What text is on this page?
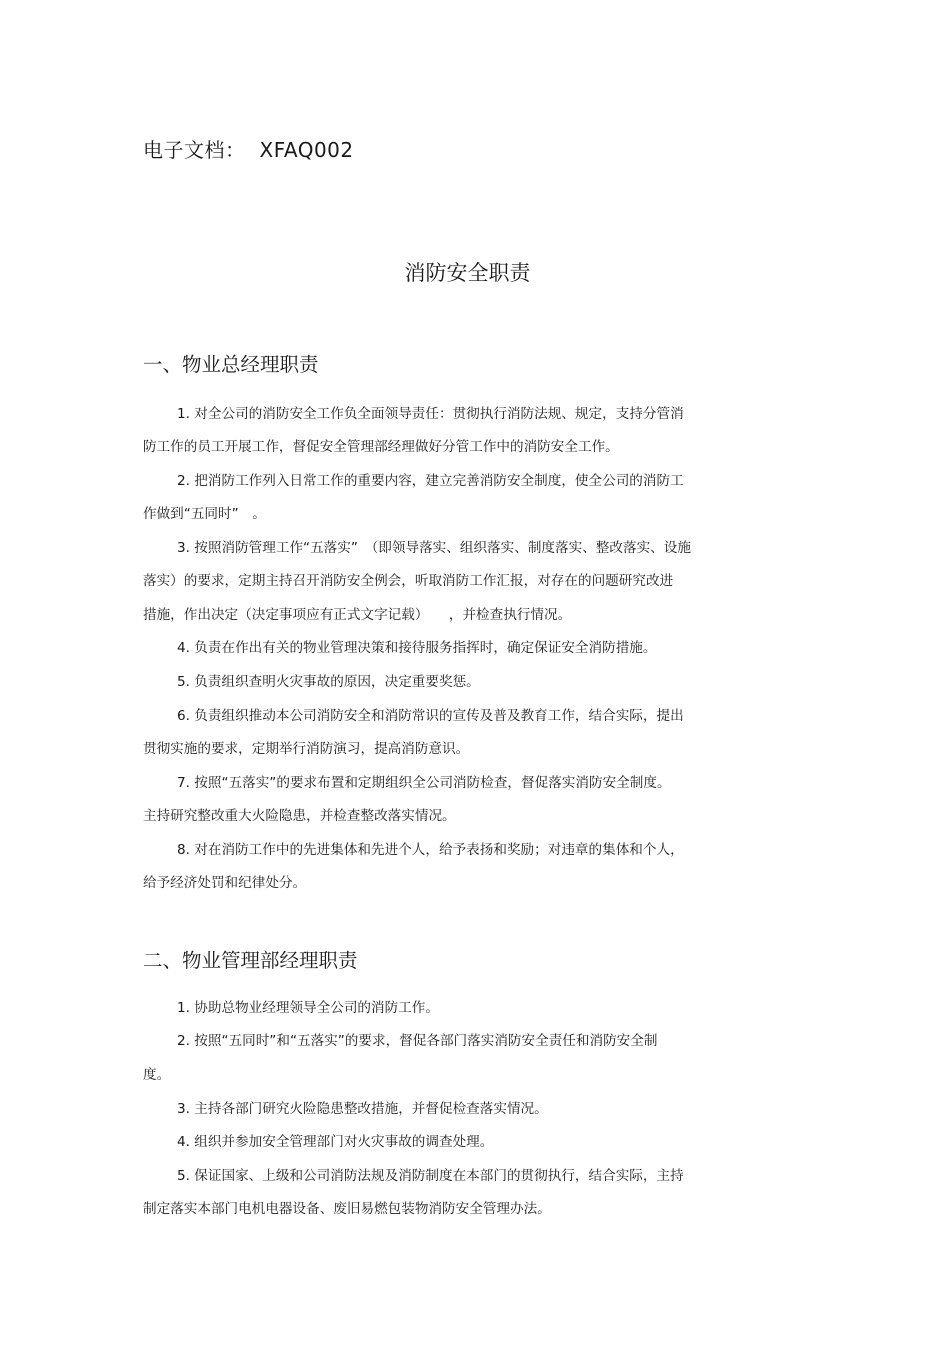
电子文档： XFAQ002
消防安全职责
一、物业总经理职责
1. 对全公司的消防安全工作负全面领导责任：贯彻执行消防法规、规定，支持分管消
防工作的员工开展工作，督促安全管理部经理做好分管工作中的消防安全工作。
2. 把消防工作列入日常工作的重要内容，建立完善消防安全制度，使全公司的消防工
作做到“五同时”　。
3. 按照消防管理工作“五落实”　（即领导落实、组织落实、制度落实、整改落实、设施
落实）的要求，定期主持召开消防安全例会，听取消防工作汇报，对存在的问题研究改进
措施，作出决定（决定事项应有正式文字记载）　　，并检查执行情况。
4. 负责在作出有关的物业管理决策和接待服务指挥时，确定保证安全消防措施。
5. 负责组织查明火灾事故的原因，决定重要奖惩。
6. 负责组织推动本公司消防安全和消防常识的宣传及普及教育工作，结合实际，提出
贯彻实施的要求，定期举行消防演习，提高消防意识。
7. 按照“五落实”的要求布置和定期组织全公司消防检查，督促落实消防安全制度。
主持研究整改重大火险隐患，并检查整改落实情况。
8. 对在消防工作中的先进集体和先进个人，给予表扬和奖励；对违章的集体和个人，
给予经济处罚和纪律处分。
二、物业管理部经理职责
1. 协助总物业经理领导全公司的消防工作。
2. 按照“五同时”和“五落实”的要求，督促各部门落实消防安全责任和消防安全制
度。
3. 主持各部门研究火险隐患整改措施，并督促检查落实情况。
4. 组织并参加安全管理部门对火灾事故的调查处理。
5. 保证国家、上级和公司消防法规及消防制度在本部门的贯彻执行，结合实际，主持
制定落实本部门电机电器设备、废旧易燃包装物消防安全管理办法。
